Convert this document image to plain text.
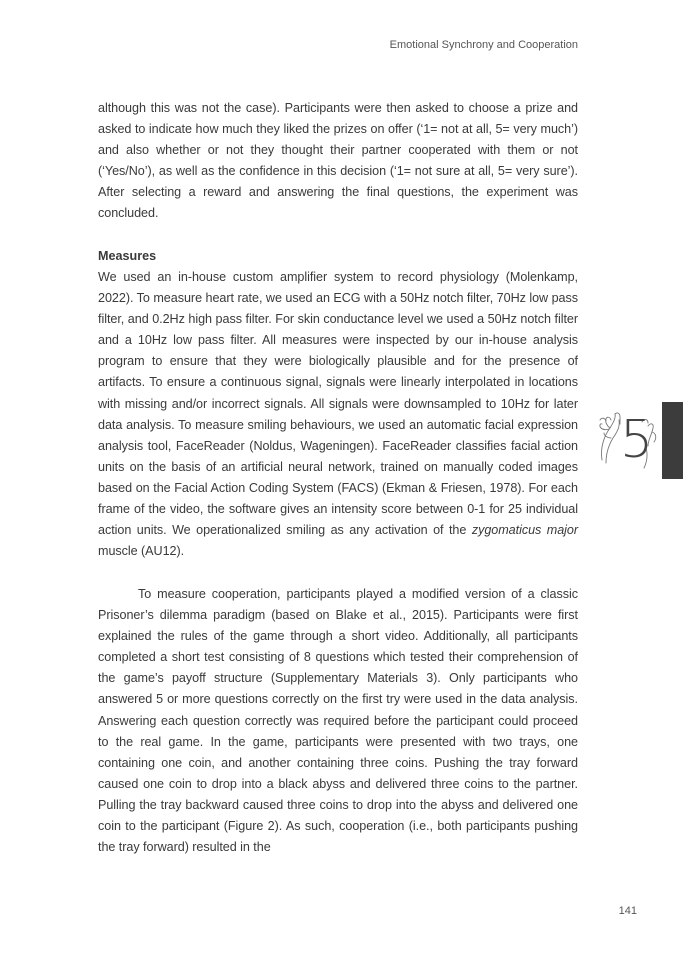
Emotional Synchrony and Cooperation

although this was not the case). Participants were then asked to choose a prize and asked to indicate how much they liked the prizes on offer (‘1= not at all, 5= very much’) and also whether or not they thought their partner cooperated with them or not (‘Yes/No’), as well as the confidence in this decision (‘1= not sure at all, 5= very sure’). After selecting a reward and answering the final questions, the experiment was concluded.

Measures

We used an in-house custom amplifier system to record physiology (Molenkamp, 2022). To measure heart rate, we used an ECG with a 50Hz notch filter, 70Hz low pass filter, and 0.2Hz high pass filter. For skin conductance level we used a 50Hz notch filter and a 10Hz low pass filter. All measures were inspected by our in-house analysis program to ensure that they were biologically plausible and for the presence of artifacts. To ensure a continuous signal, signals were linearly interpolated in locations with missing and/or incorrect signals. All signals were downsampled to 10Hz for later data analysis. To measure smiling behaviours, we used an automatic facial expression analysis tool, FaceReader (Noldus, Wageningen). FaceReader classifies facial action units on the basis of an artificial neural network, trained on manually coded images based on the Facial Action Coding System (FACS) (Ekman & Friesen, 1978). For each frame of the video, the software gives an intensity score between 0-1 for 25 individual action units. We operationalized smiling as any activation of the zygomaticus major muscle (AU12).

To measure cooperation, participants played a modified version of a classic Prisoner’s dilemma paradigm (based on Blake et al., 2015). Participants were first explained the rules of the game through a short video. Additionally, all participants completed a short test consisting of 8 questions which tested their comprehension of the game’s payoff structure (Supplementary Materials 3). Only participants who answered 5 or more questions correctly on the first try were used in the data analysis. Answering each question correctly was required before the participant could proceed to the real game. In the game, participants were presented with two trays, one containing one coin, and another containing three coins. Pushing the tray forward caused one coin to drop into a black abyss and delivered three coins to the partner. Pulling the tray backward caused three coins to drop into the abyss and delivered one coin to the participant (Figure 2). As such, cooperation (i.e., both participants pushing the tray forward) resulted in the

5
141
